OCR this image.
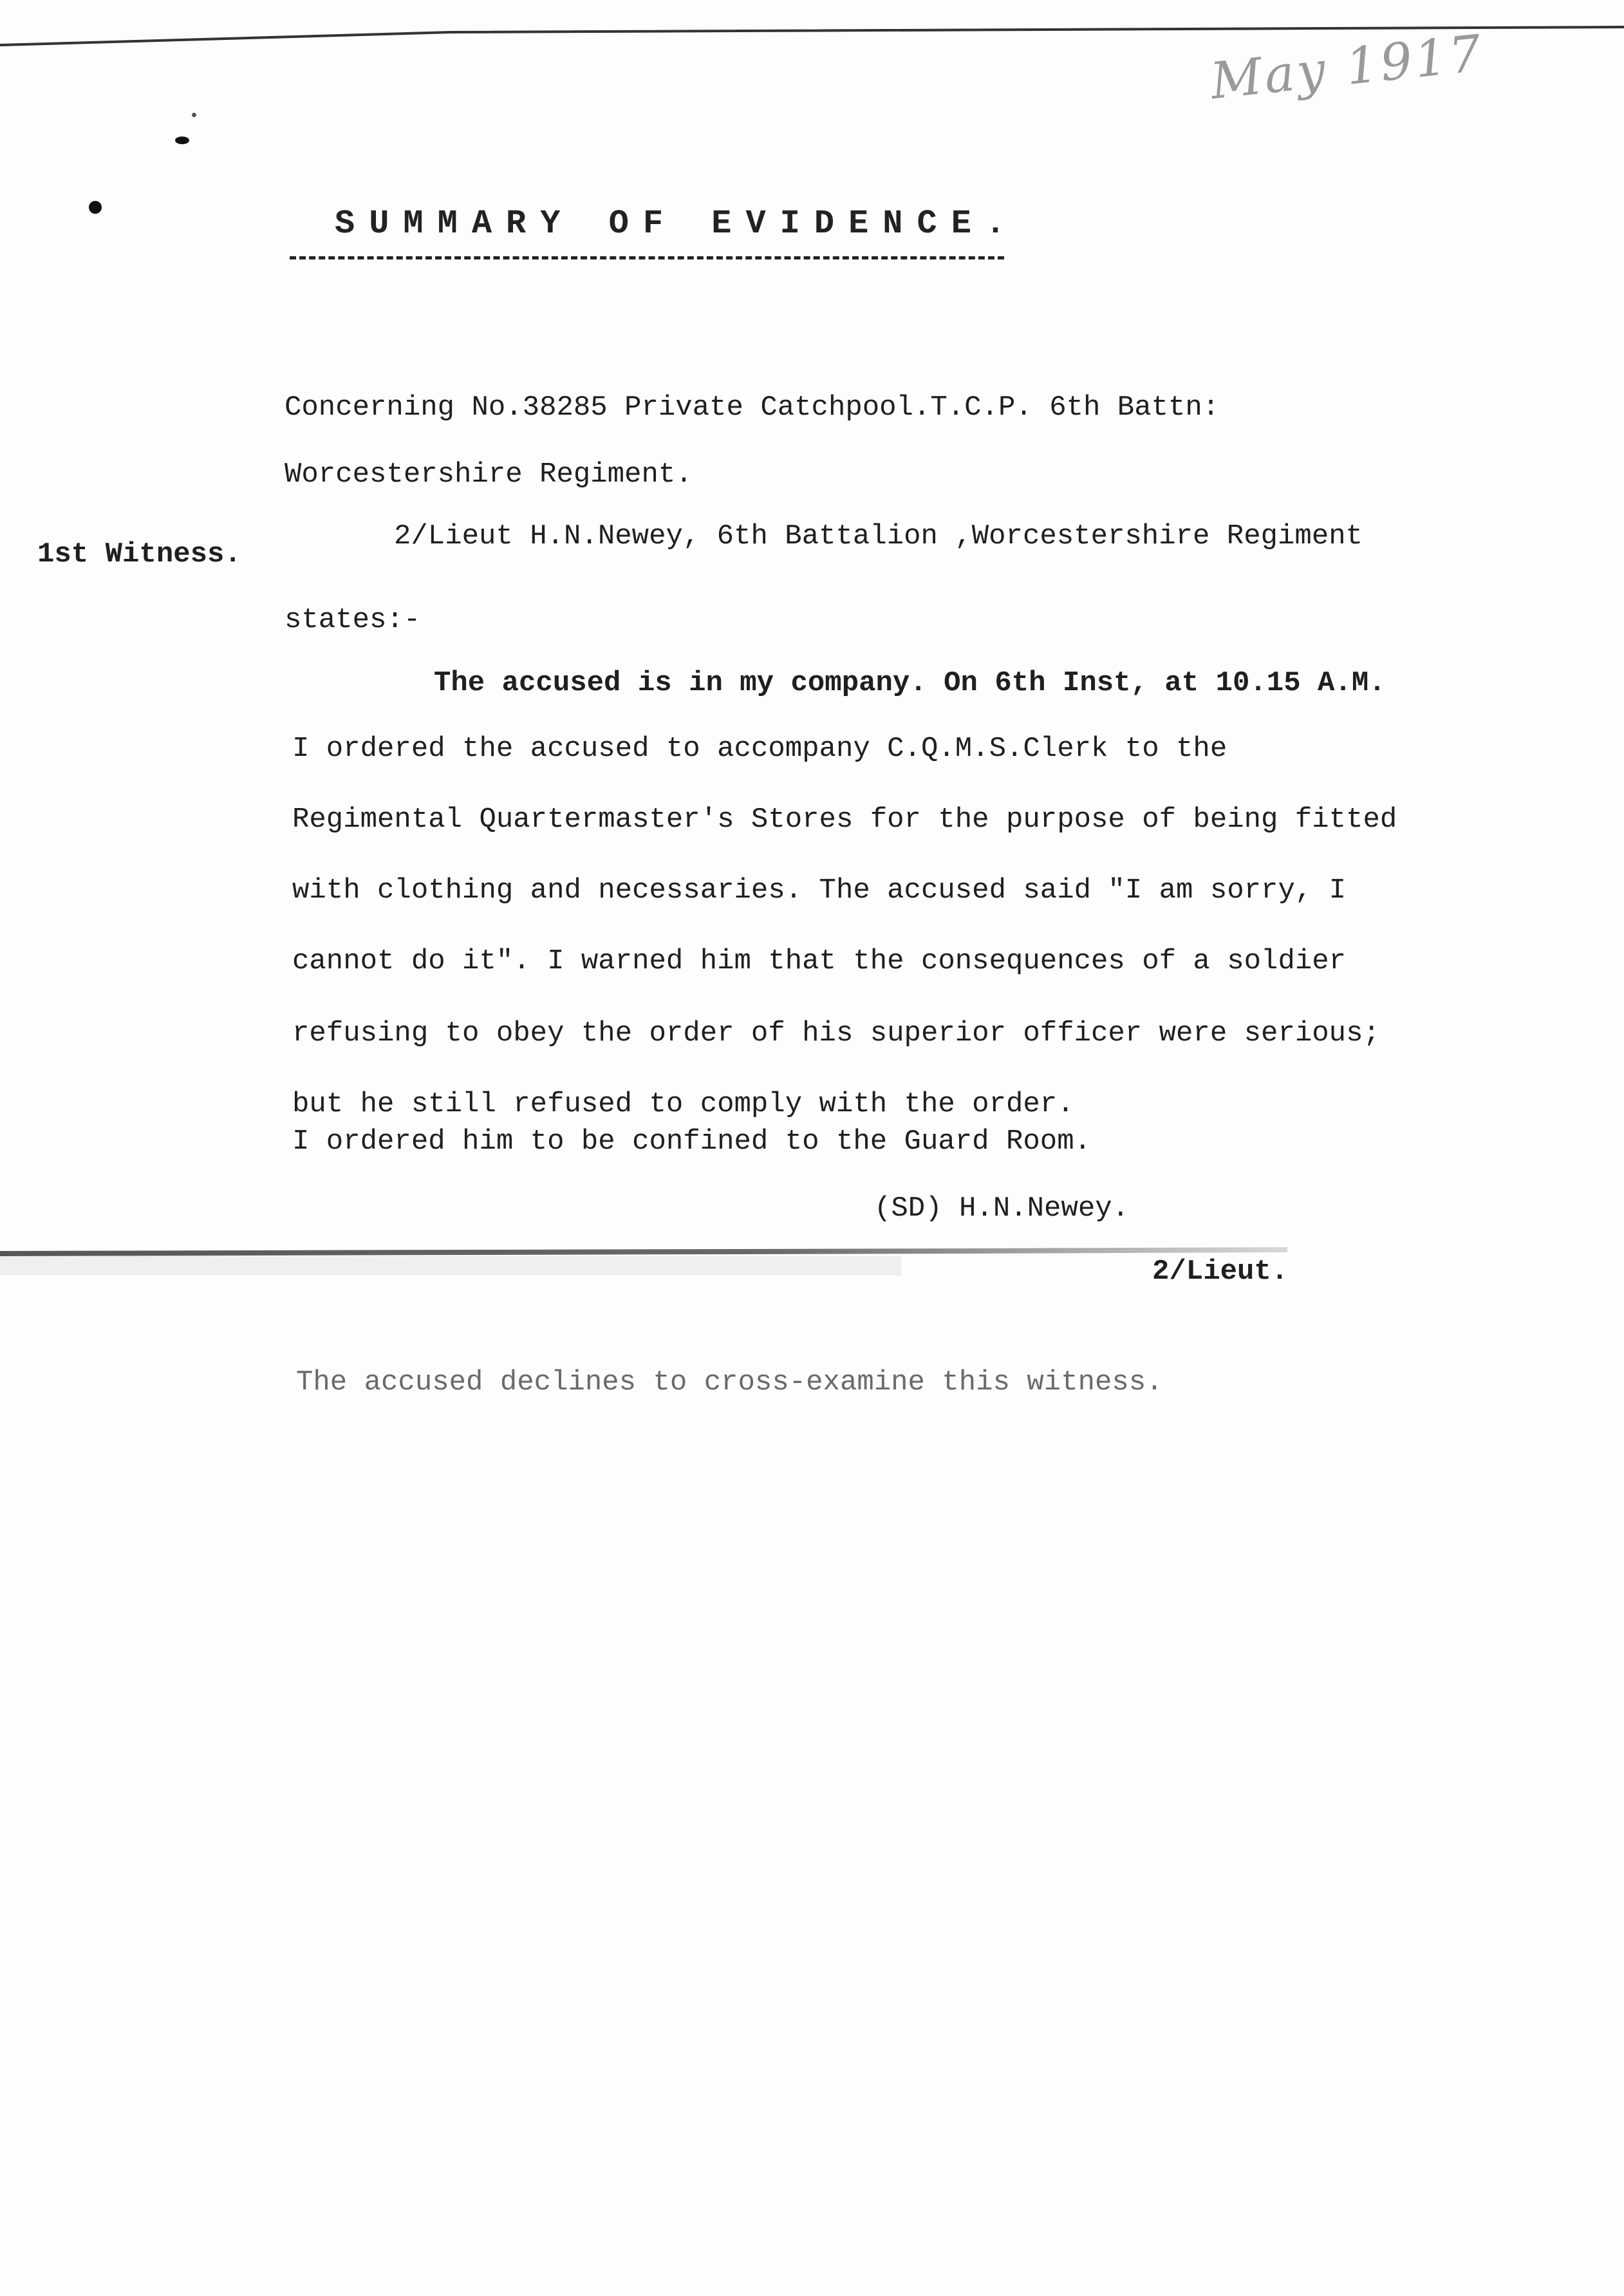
May 1917
SUMMARY OF EVIDENCE.
Concerning No.38285 Private Catchpool.T.C.P. 6th Battn:
Worcestershire Regiment.
1st Witness.
2/Lieut H.N.Newey, 6th Battalion ,Worcestershire Regiment
states:-
The accused is in my company. On 6th Inst, at 10.15 A.M.
I ordered the accused to accompany C.Q.M.S.Clerk to the
Regimental Quartermaster's Stores for the purpose of being fitted
with clothing and necessaries. The accused said "I am sorry, I
cannot do it". I warned him that the consequences of a soldier
refusing to obey the order of his superior officer were serious;
but he still refused to comply with the order.
I ordered him to be confined to the Guard Room.
(SD) H.N.Newey.
2/Lieut.
The accused declines to cross-examine this witness.
